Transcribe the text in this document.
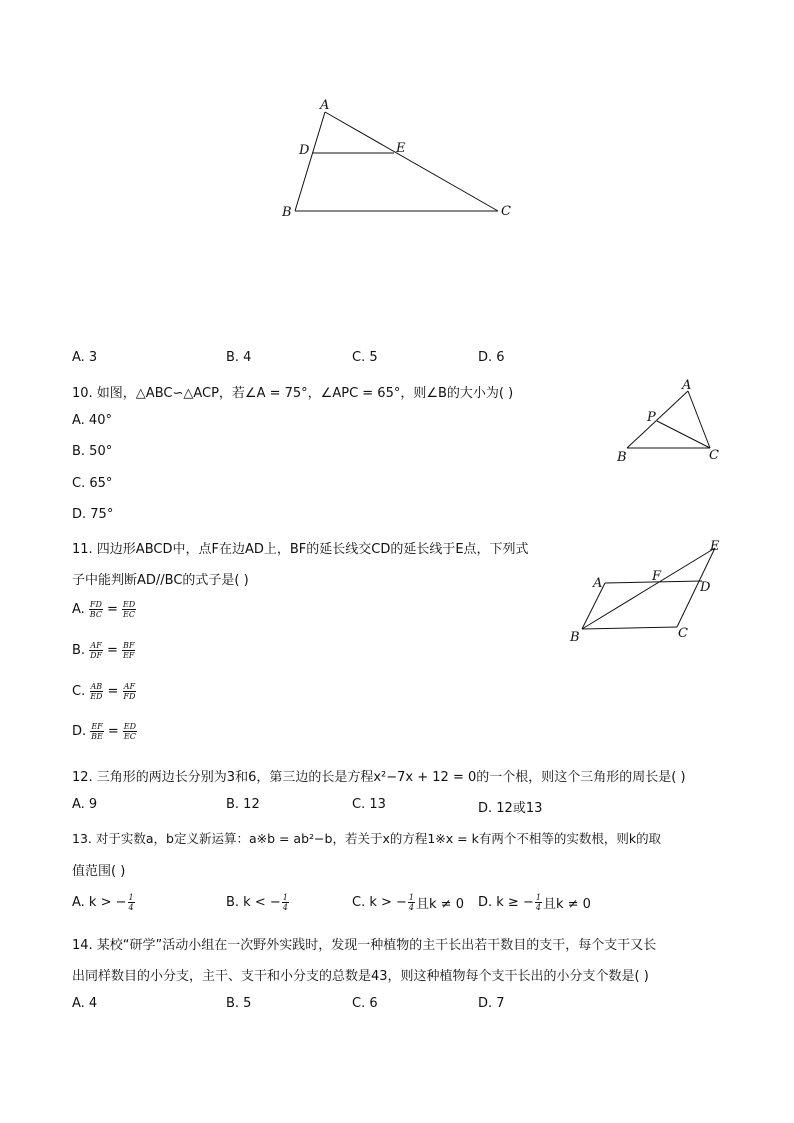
A
D	E
B	C
A. 3	B. 4	C. 5	D. 6
10. 如图，△ABC∽△ACP，若∠A = 75°，∠APC = 65°，则∠B的大小为( )
A. 40°
B. 50°
C. 65°
D. 75°
A
P
B	C
11. 四边形ABCD中，点F在边AD上，BF的延长线交CD的延长线于E点，下列式
子中能判断AD//BC的式子是( )
A. $\frac{FD}{BC} = \frac{ED}{EC}$
B. $\frac{AF}{DF} = \frac{BF}{EF}$
C. $\frac{AB}{ED} = \frac{AF}{FD}$
D. $\frac{EF}{BE} = \frac{ED}{EC}$
A	F
E
D
B	C
12. 三角形的两边长分别为3和6，第三边的长是方程x²−7x + 12 = 0的一个根，则这个三角形的周长是( )
A. 9	B. 12	C. 13	D. 12或13
13. 对于实数a，b定义新运算：a※b = ab²−b，若关于x的方程1※x = k有两个不相等的实数根，则k的取
值范围( )
A. k > − $\frac{1}{4}$	B. k < − $\frac{1}{4}$	C. k > − $\frac{1}{4}$ 且k ≠ 0 D. k ≥ − $\frac{1}{4}$ 且k ≠ 0
14. 某校“研学”活动小组在一次野外实践时，发现一种植物的主干长出若干数目的支干，每个支干又长
出同样数目的小分支，主干、支干和小分支的总数是43，则这种植物每个支干长出的小分支个数是( )
A. 4	B. 5	C. 6	D. 7
